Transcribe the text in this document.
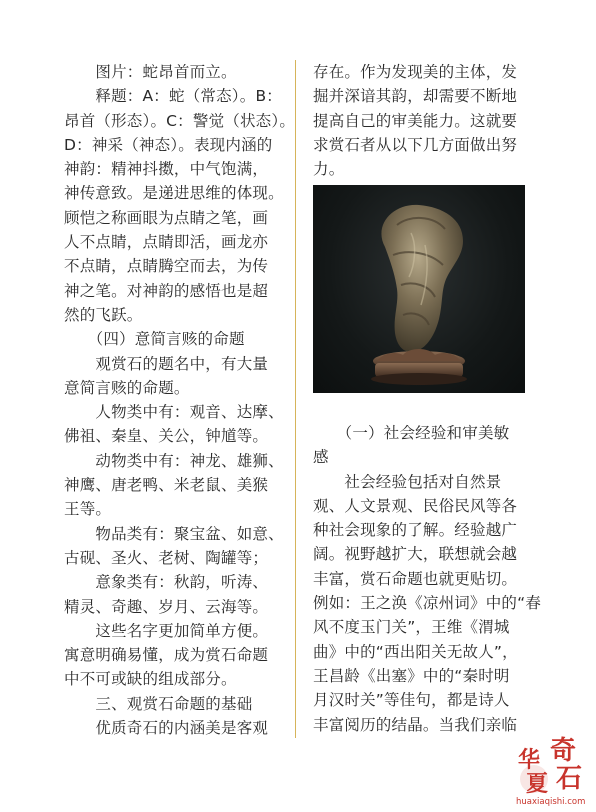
　　图片：蛇昂首而立。

　　释题：A：蛇（常态）。B：

昂首（形态）。C：警觉（状态）。

D：神采（神态）。表现内涵的

神韵：精神抖擞，中气饱满，

神传意致。是递进思维的体现。

顾恺之称画眼为点睛之笔，画

人不点睛，点睛即活，画龙亦

不点睛，点睛腾空而去，为传

神之笔。对神韵的感悟也是超

然的飞跃。

　　（四）意简言赅的命题

　　观赏石的题名中，有大量

意简言赅的命题。

　　人物类中有：观音、达摩、

佛祖、秦皇、关公，钟馗等。

　　动物类中有：神龙、雄狮、

神鹰、唐老鸭、米老鼠、美猴

王等。

　　物品类有：聚宝盆、如意、

古砚、圣火、老树、陶罐等；

　　意象类有：秋韵，听涛、

精灵、奇趣、岁月、云海等。

　　这些名字更加简单方便。

寓意明确易懂，成为赏石命题

中不可或缺的组成部分。

　　三、观赏石命题的基础

　　优质奇石的内涵美是客观

存在。作为发现美的主体，发

掘并深谙其韵，却需要不断地

提高自己的审美能力。这就要

求赏石者从以下几方面做出努

力。

　　（一）社会经验和审美敏

感

　　社会经验包括对自然景

观、人文景观、民俗民风等各

种社会现象的了解。经验越广

阔。视野越扩大，联想就会越

丰富，赏石命题也就更贴切。

例如：王之涣《凉州词》中的“春

风不度玉门关”，王维《渭城

曲》中的“西出阳关无故人”，

王昌龄《出塞》中的“秦时明

月汉时关”等佳句，都是诗人

丰富阅历的结晶。当我们亲临

华 奇
夏 石
huaxiaqishi.com
